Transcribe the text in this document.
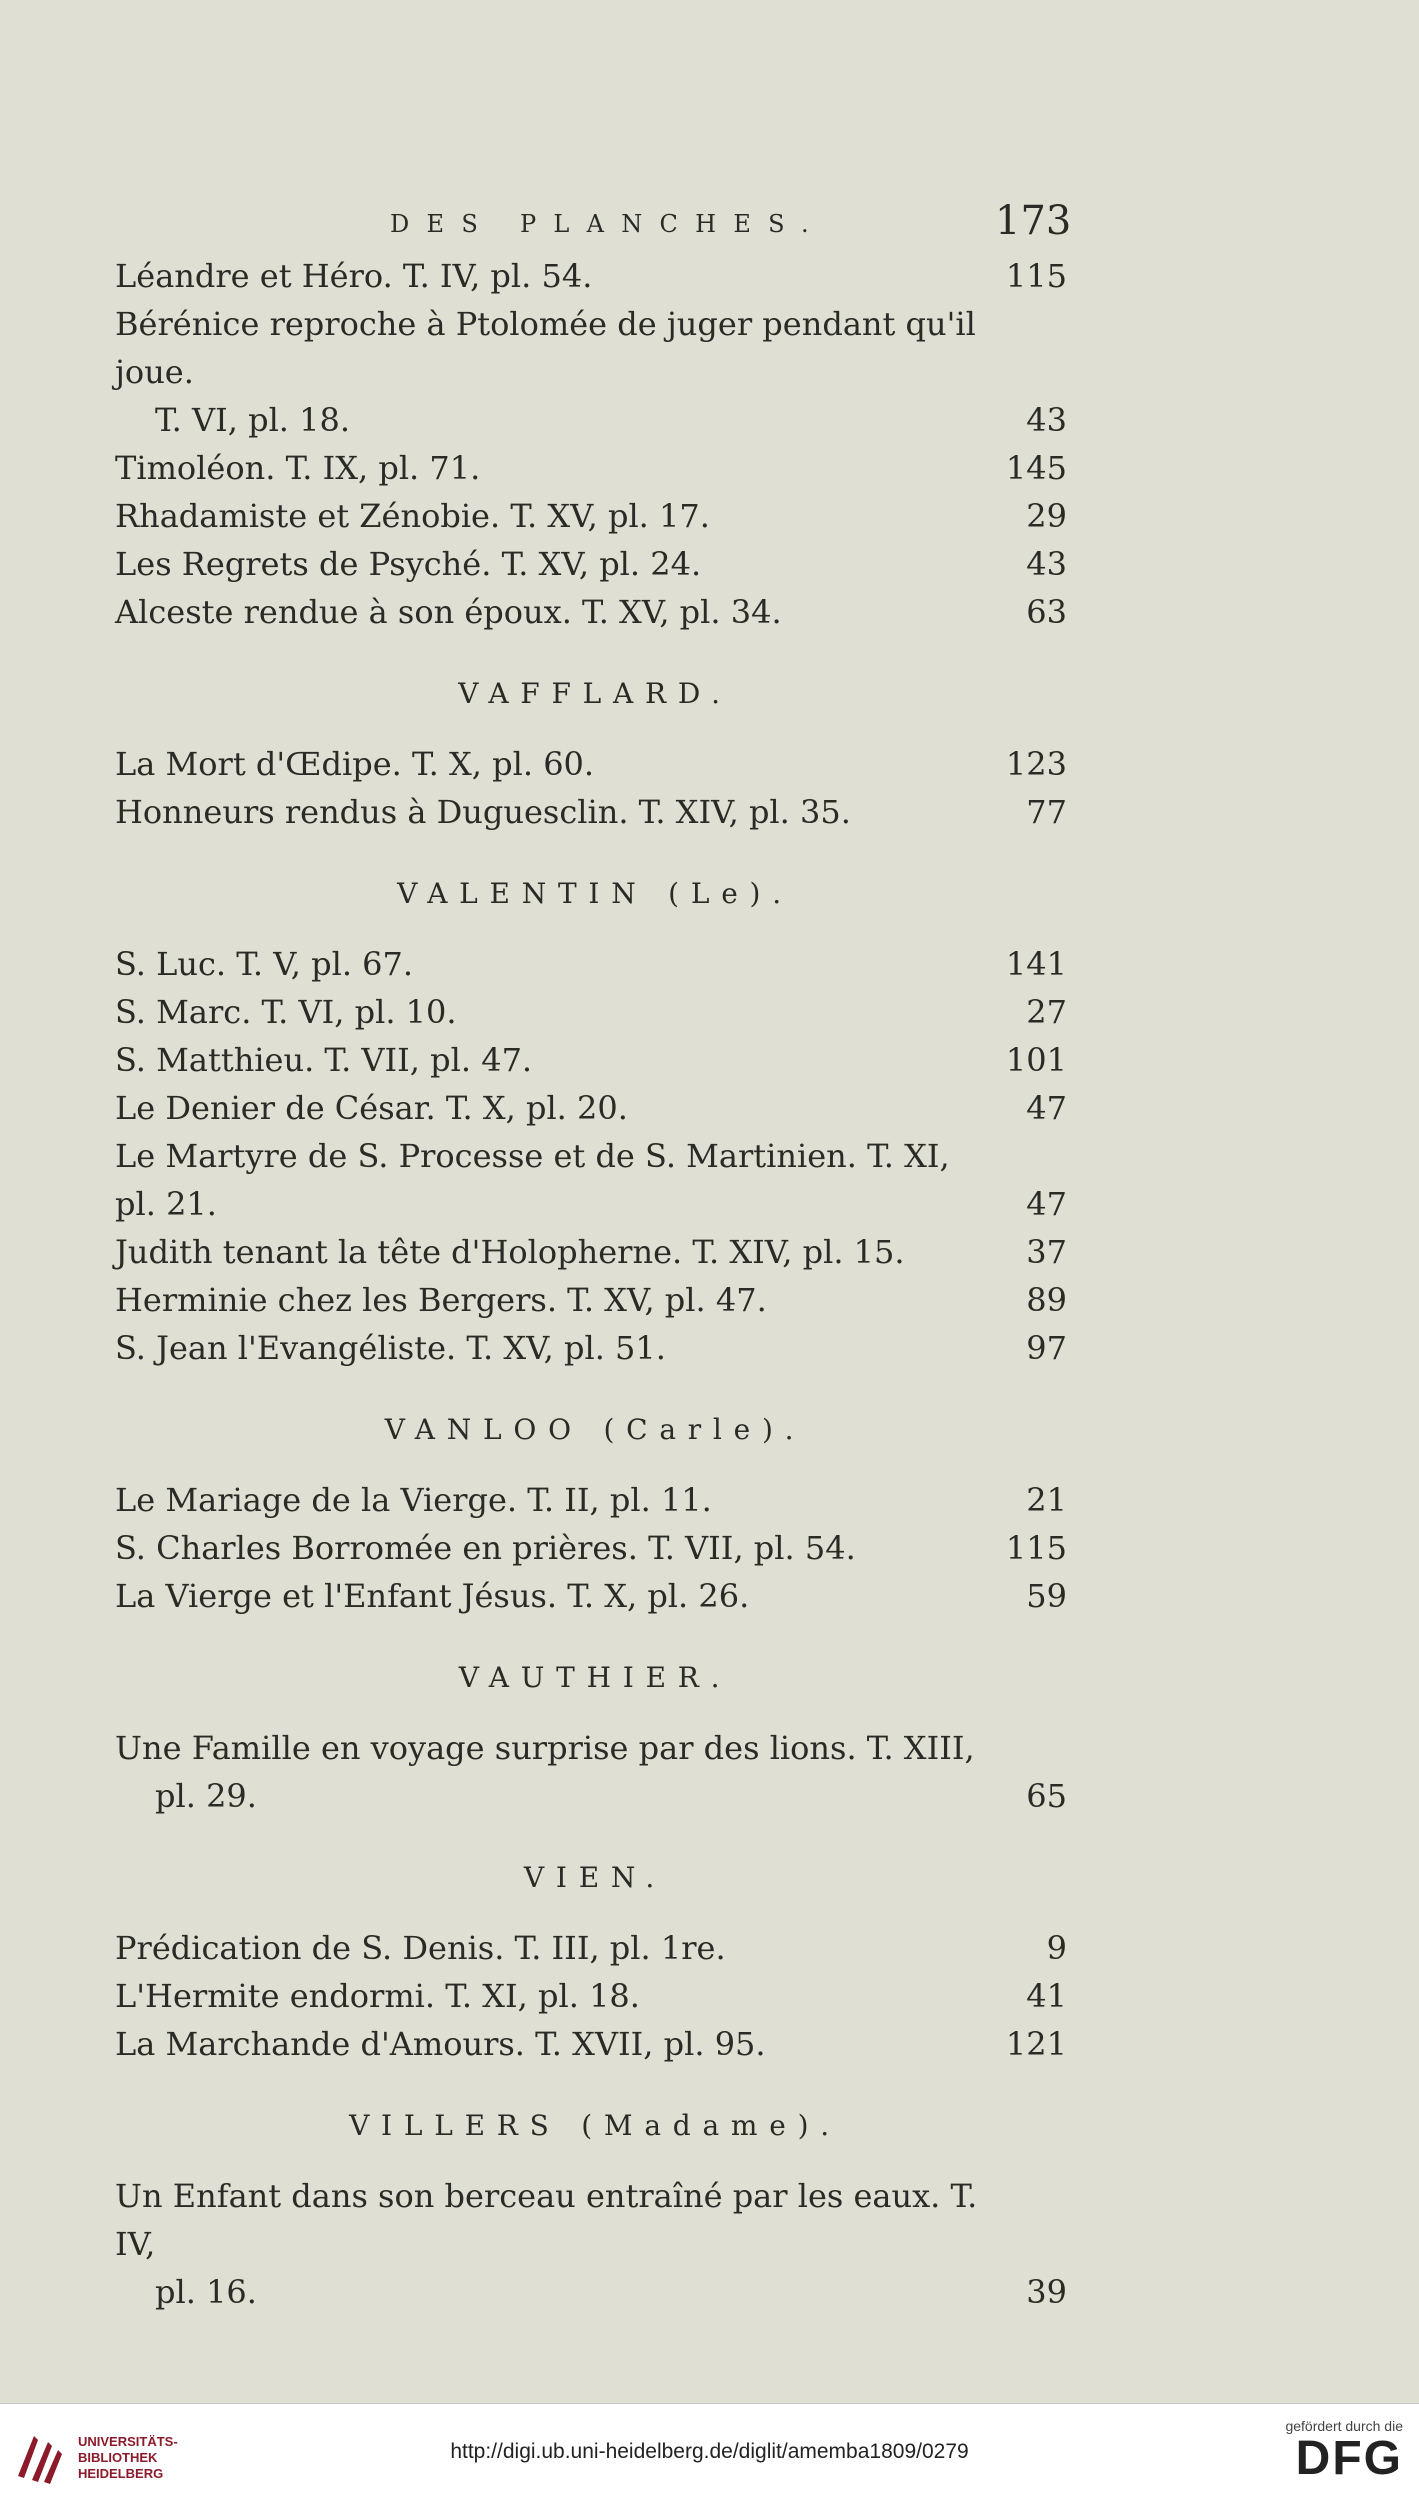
DES PLANCHES.	173
Léandre et Héro. T. IV, pl. 54.	115
Bérénice reproche à Ptolomée de juger pendant qu'il joue.
T. VI, pl. 18.	43
Timoléon. T. IX, pl. 71.	145
Rhadamiste et Zénobie. T. XV, pl. 17.	29
Les Regrets de Psyché. T. XV, pl. 24.	43
Alceste rendue à son époux. T. XV, pl. 34.	63
VAFFLARD.
La Mort d'Œdipe. T. X, pl. 60.	123
Honneurs rendus à Duguesclin. T. XIV, pl. 35.	77
VALENTIN (Le).
S. Luc. T. V, pl. 67.	141
S. Marc. T. VI, pl. 10.	27
S. Matthieu. T. VII, pl. 47.	101
Le Denier de César. T. X, pl. 20.	47
Le Martyre de S. Processe et de S. Martinien. T. XI, pl. 21.	47
Judith tenant la tête d'Holopherne. T. XIV, pl. 15.	37
Herminie chez les Bergers. T. XV, pl. 47.	89
S. Jean l'Evangéliste. T. XV, pl. 51.	97
VANLOO (Carle).
Le Mariage de la Vierge. T. II, pl. 11.	21
S. Charles Borromée en prières. T. VII, pl. 54.	115
La Vierge et l'Enfant Jésus. T. X, pl. 26.	59
VAUTHIER.
Une Famille en voyage surprise par des lions. T. XIII,
pl. 29.	65
VIEN.
Prédication de S. Denis. T. III, pl. 1re.	9
L'Hermite endormi. T. XI, pl. 18.	41
La Marchande d'Amours. T. XVII, pl. 95.	121
VILLERS (Madame).
Un Enfant dans son berceau entraîné par les eaux. T. IV,
pl. 16.	39
UNIVERSITÄTS-
BIBLIOTHEK
HEIDELBERG
http://digi.ub.uni-heidelberg.de/diglit/amemba1809/0279
gefördert durch die
DFG
